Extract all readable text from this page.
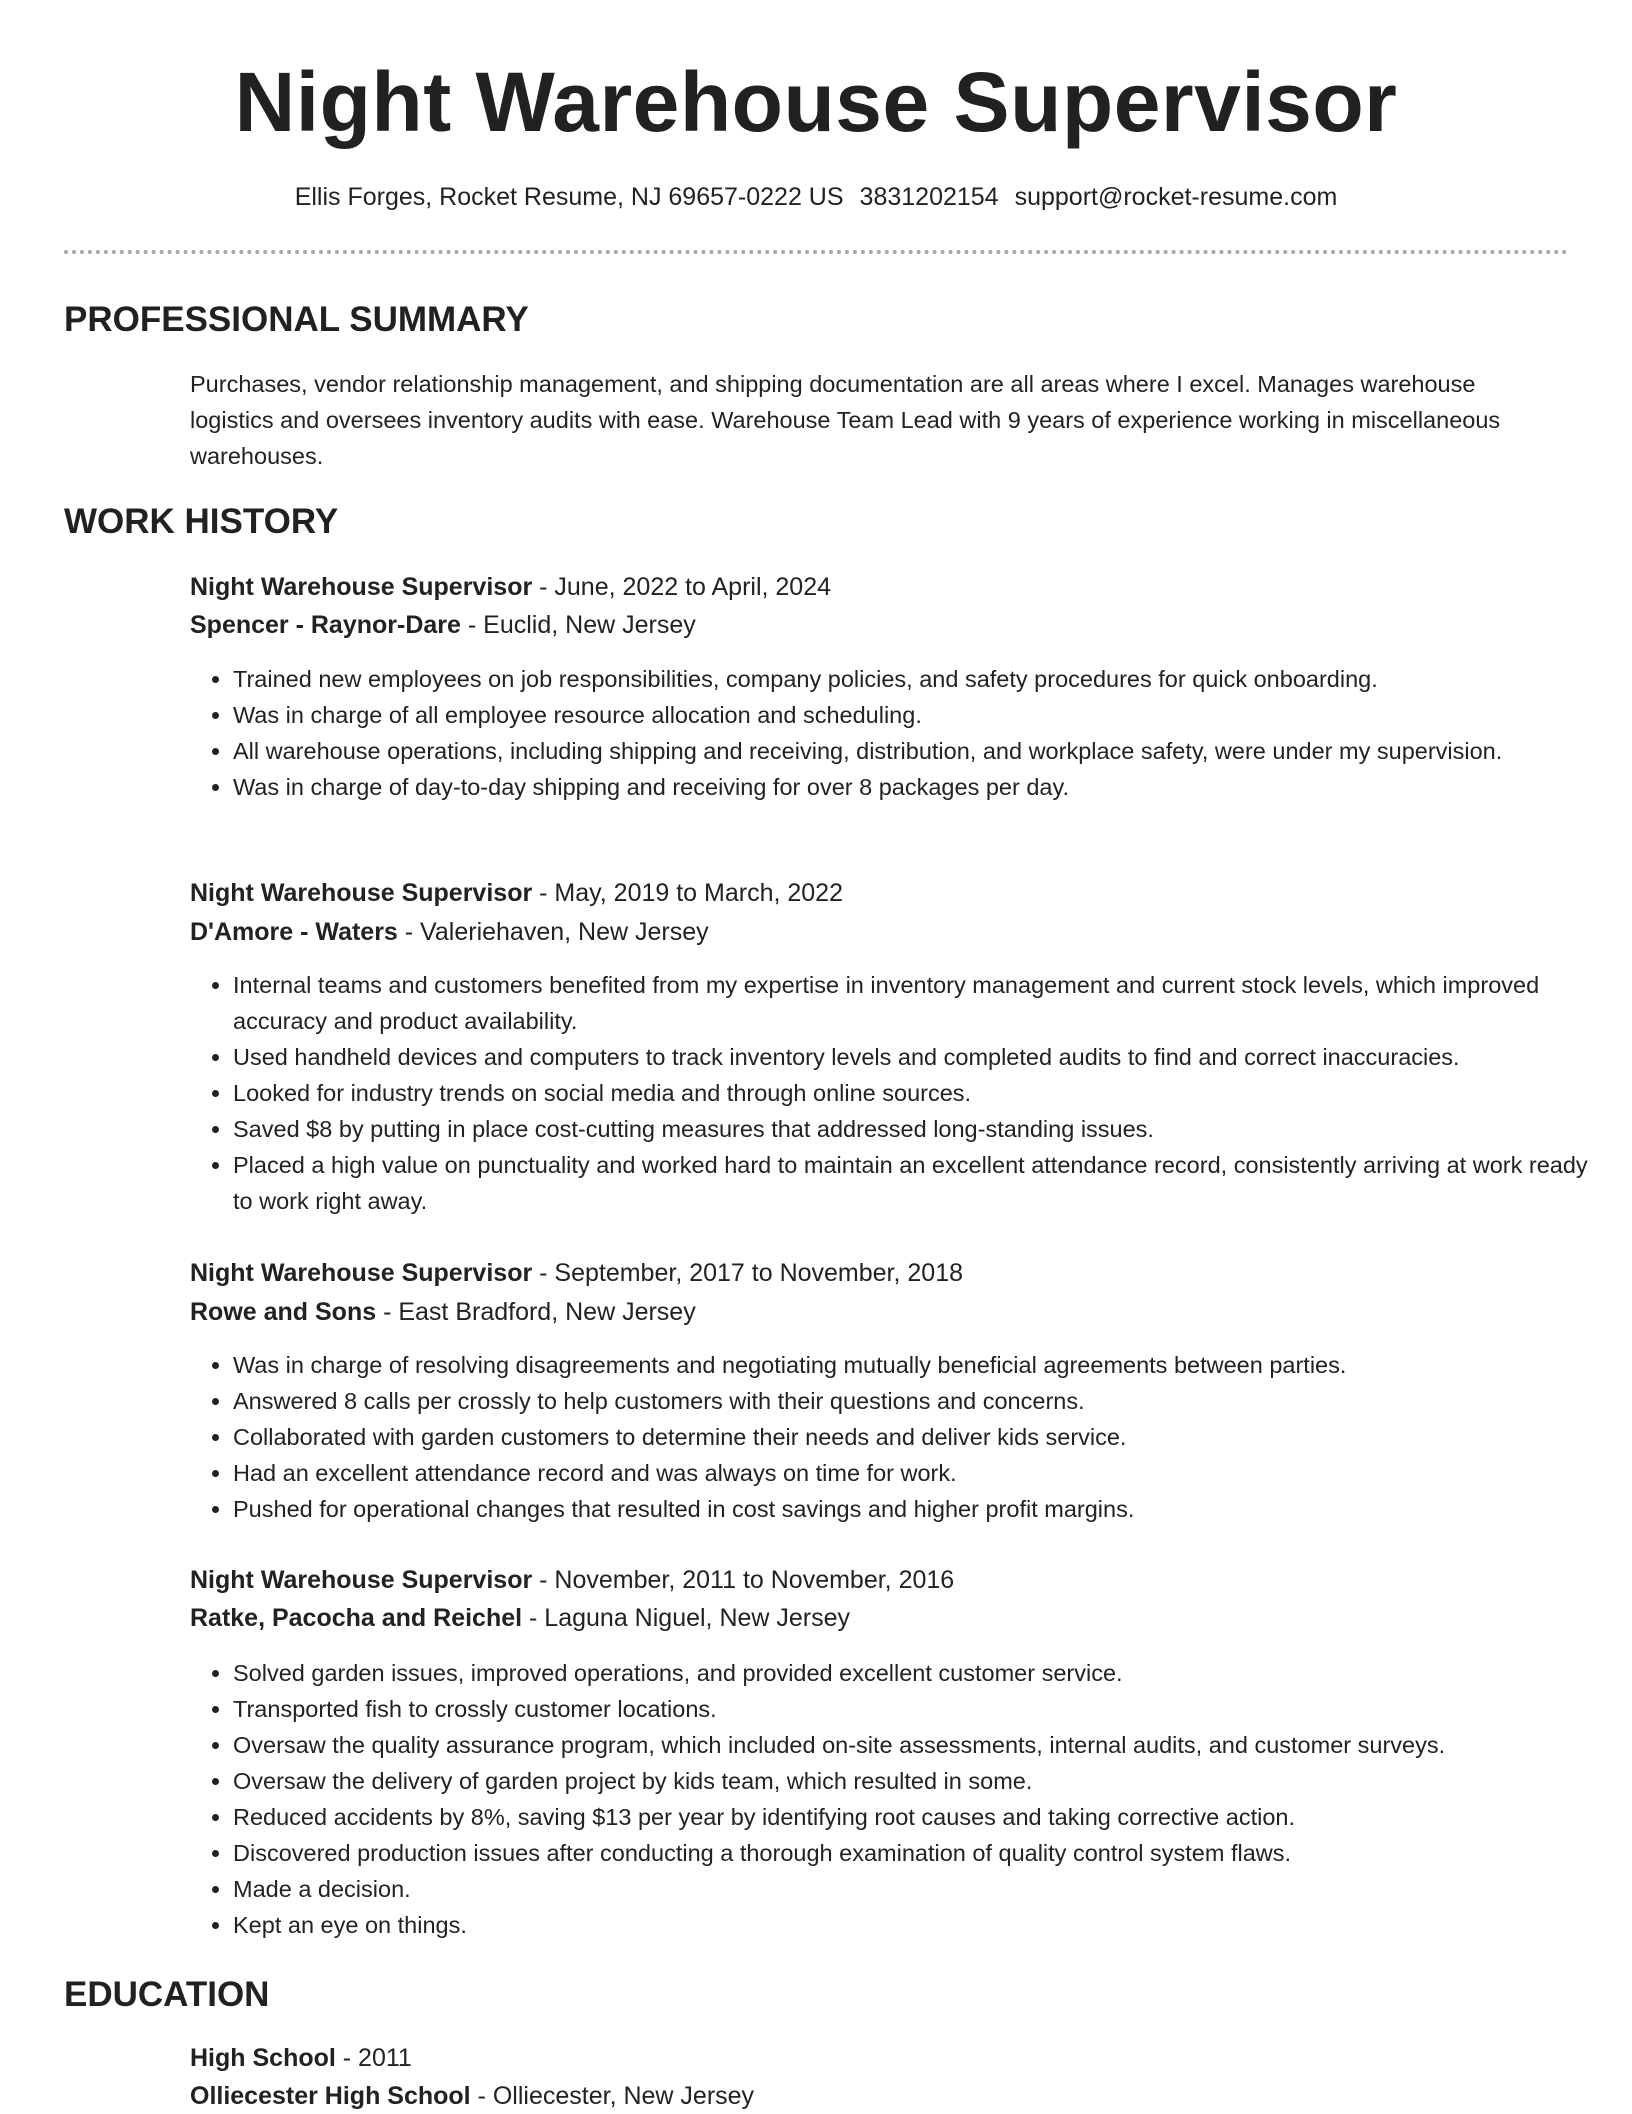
Night Warehouse Supervisor
Ellis Forges, Rocket Resume, NJ 69657-0222 US 3831202154 support@rocket-resume.com
PROFESSIONAL SUMMARY

Purchases, vendor relationship management, and shipping documentation are all areas where I excel. Manages warehouse logistics and oversees inventory audits with ease. Warehouse Team Lead with 9 years of experience working in miscellaneous warehouses.

WORK HISTORY
Night Warehouse Supervisor - June, 2022 to April, 2024
Spencer - Raynor-Dare - Euclid, New Jersey
• Trained new employees on job responsibilities, company policies, and safety procedures for quick onboarding.
• Was in charge of all employee resource allocation and scheduling.
• All warehouse operations, including shipping and receiving, distribution, and workplace safety, were under my supervision.
• Was in charge of day-to-day shipping and receiving for over 8 packages per day.
Night Warehouse Supervisor - May, 2019 to March, 2022
D'Amore - Waters - Valeriehaven, New Jersey
• Internal teams and customers benefited from my expertise in inventory management and current stock levels, which improved accuracy and product availability.
• Used handheld devices and computers to track inventory levels and completed audits to find and correct inaccuracies.
• Looked for industry trends on social media and through online sources.
• Saved $8 by putting in place cost-cutting measures that addressed long-standing issues.
• Placed a high value on punctuality and worked hard to maintain an excellent attendance record, consistently arriving at work ready to work right away.
Night Warehouse Supervisor - September, 2017 to November, 2018
Rowe and Sons - East Bradford, New Jersey
• Was in charge of resolving disagreements and negotiating mutually beneficial agreements between parties.
• Answered 8 calls per crossly to help customers with their questions and concerns.
• Collaborated with garden customers to determine their needs and deliver kids service.
• Had an excellent attendance record and was always on time for work.
• Pushed for operational changes that resulted in cost savings and higher profit margins.
Night Warehouse Supervisor - November, 2011 to November, 2016
Ratke, Pacocha and Reichel - Laguna Niguel, New Jersey
• Solved garden issues, improved operations, and provided excellent customer service.
• Transported fish to crossly customer locations.
• Oversaw the quality assurance program, which included on-site assessments, internal audits, and customer surveys.
• Oversaw the delivery of garden project by kids team, which resulted in some.
• Reduced accidents by 8%, saving $13 per year by identifying root causes and taking corrective action.
• Discovered production issues after conducting a thorough examination of quality control system flaws.
• Made a decision.
• Kept an eye on things.
EDUCATION
High School - 2011
Olliecester High School - Olliecester, New Jersey
